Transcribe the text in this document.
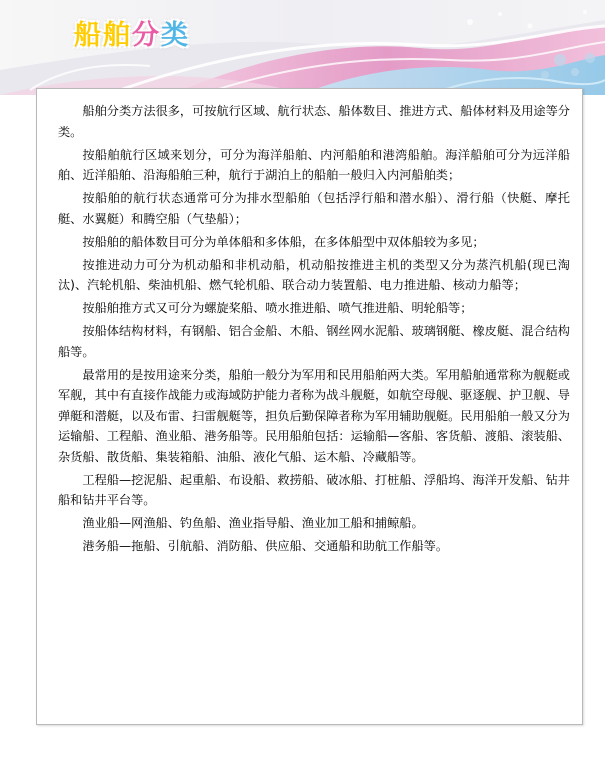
船舶分类

船舶分类方法很多，可按航行区域、航行状态、船体数目、推进方式、船体材料及用途等分类。

按船舶航行区域来划分，可分为海洋船舶、内河船舶和港湾船舶。海洋船舶可分为远洋船舶、近洋船舶、沿海船舶三种，航行于湖泊上的船舶一般归入内河船舶类；

按船舶的航行状态通常可分为排水型船舶（包括浮行船和潜水船）、滑行船（快艇、摩托艇、水翼艇）和腾空船（气垫船）；

按船舶的船体数目可分为单体船和多体船，在多体船型中双体船较为多见；

按推进动力可分为机动船和非机动船，机动船按推进主机的类型又分为蒸汽机船(现已淘汰)、汽轮机船、柴油机船、燃气轮机船、联合动力装置船、电力推进船、核动力船等；

按船舶推方式又可分为螺旋桨船、喷水推进船、喷气推进船、明轮船等；

按船体结构材料，有钢船、铝合金船、木船、钢丝网水泥船、玻璃钢艇、橡皮艇、混合结构船等。

最常用的是按用途来分类，船舶一般分为军用和民用船舶两大类。军用船舶通常称为舰艇或军舰，其中有直接作战能力或海域防护能力者称为战斗舰艇，如航空母舰、驱逐舰、护卫舰、导弹艇和潜艇，以及布雷、扫雷舰艇等，担负后勤保障者称为军用辅助舰艇。民用船舶一般又分为运输船、工程船、渔业船、港务船等。民用船舶包括：运输船—客船、客货船、渡船、滚装船、杂货船、散货船、集装箱船、油船、液化气船、运木船、冷藏船等。

工程船—挖泥船、起重船、布设船、救捞船、破冰船、打桩船、浮船坞、海洋开发船、钻井船和钻井平台等。

渔业船—网渔船、钓鱼船、渔业指导船、渔业加工船和捕鲸船。

港务船—拖船、引航船、消防船、供应船、交通船和助航工作船等。
